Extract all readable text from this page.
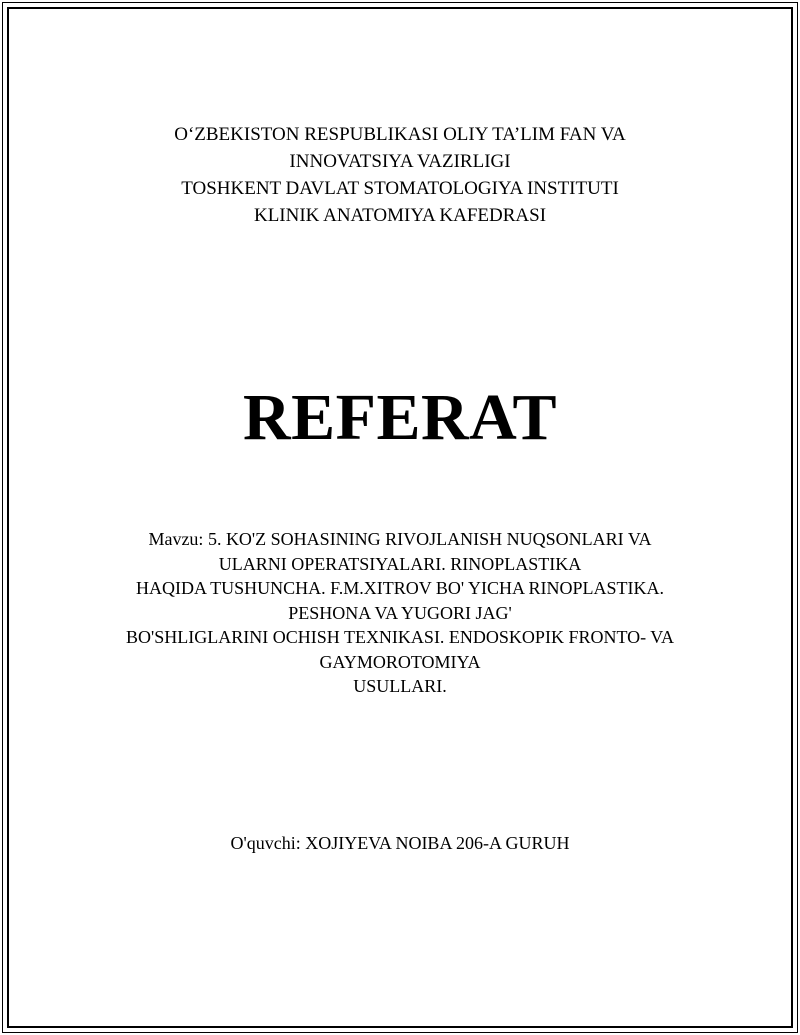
O‘ZBEKISTON RESPUBLIKASI OLIY TA’LIM FAN VA
INNOVATSIYA VAZIRLIGI
TOSHKENT DAVLAT STOMATOLOGIYA INSTITUTI
KLINIK ANATOMIYA KAFEDRASI
REFERAT
Mavzu: 5. KO'Z SOHASINING RIVOJLANISH NUQSONLARI VA
ULARNI OPERATSIYALARI. RINOPLASTIKA
HAQIDA TUSHUNCHA. F.M.XITROV BO' YICHA RINOPLASTIKA.
PESHONA VA YUGORI JAG'
BO'SHLIGLARINI OCHISH TEXNIKASI. ENDOSKOPIK FRONTO- VA
GAYMOROTOMIYA
USULLARI.
O'quvchi: XOJIYEVA NOIBA 206-A GURUH
